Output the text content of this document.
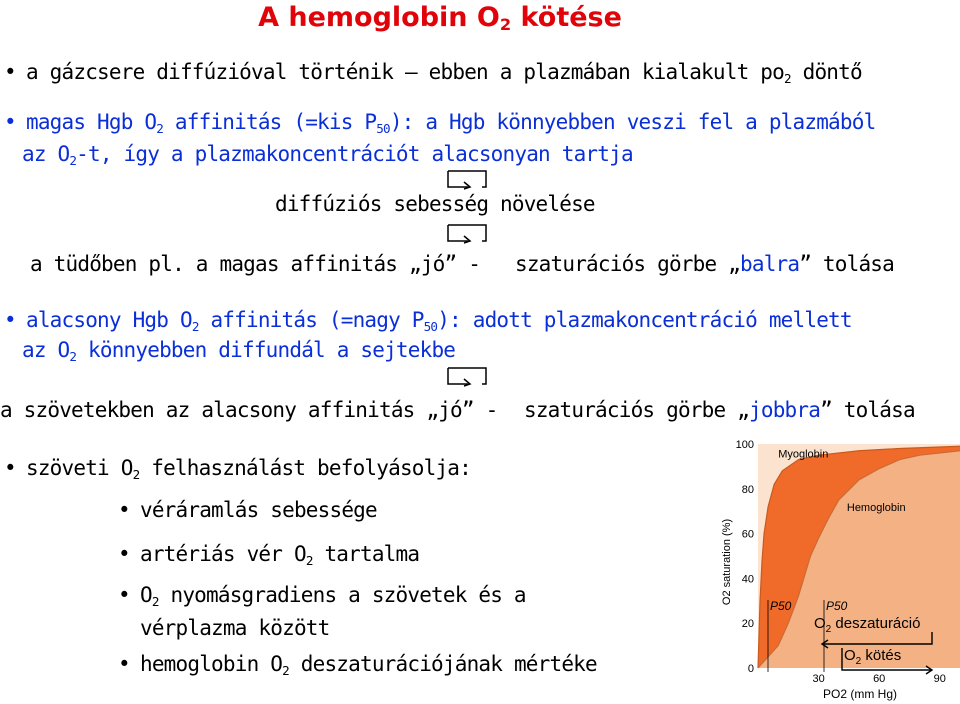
A hemoglobin $O_2$ kötése
• a gázcsere diffúzióval történik – ebben a plazmában kialakult $po_2$ döntő
• magas Hgb $O_2$ affinitás (=kis $P_{50}$): a Hgb könnyebben veszi fel a plazmából
az $O_2-t$, így a plazmakoncentrációt alacsonyan tartja
diffúziós sebesség növelése
a tüdőben pl. a magas affinitás „jó” - szaturációs görbe „balra” tolása
• alacsony Hgb $O_2$ affinitás (=nagy $P_{50}$): adott plazmakoncentráció mellett
az $O_2$ könnyebben diffundál a sejtekbe
a szövetekben az alacsony affinitás „jó” - szaturációs görbe „jobbra” tolása
• szöveti $O_2$ felhasználást befolyásolja:
• véráramlás sebessége
• artériás vér $O_2$ tartalma
• $O_2$ nyomásgradiens a szövetek és a
vérplazma között
• hemoglobin $O_2$ deszaturációjának mértéke
100
80
60
40
20
0
30	60	90
Myoglobin
Hemoglobin
O2 saturation (%)
PO2 (mm Hg)
P50	P50
$O_2$ deszaturáció
$O_2$ kötés
